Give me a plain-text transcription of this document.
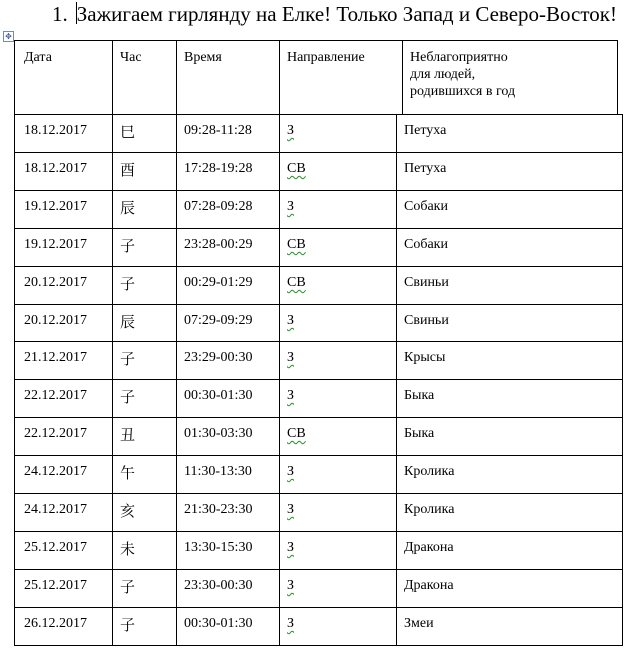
1. Зажигаем гирлянду на Елке! Только Запад и Северо-Восток!
✥
Дата	Час	Время	Направление	Неблагоприятно
для людей,
родившихся в год
18.12.2017 巳	09:28-11:28	З	Петуха
18.12.2017 酉	17:28-19:28 СВ	Петуха
19.12.2017 辰	07:28-09:28 З	Собаки
19.12.2017 子	23:28-00:29 СВ	Собаки
20.12.2017 子	00:29-01:29 СВ	Свиньи
20.12.2017 辰	07:29-09:29 З	Свиньи
21.12.2017 子	23:29-00:30 З	Крысы
22.12.2017 子	00:30-01:30 З	Быка
22.12.2017 丑	01:30-03:30 СВ	Быка
24.12.2017 午	11:30-13:30	З	Кролика
24.12.2017 亥	21:30-23:30 З	Кролика
25.12.2017 未	13:30-15:30 З	Дракона
25.12.2017 子	23:30-00:30 З	Дракона
26.12.2017 子	00:30-01:30 З	Змеи
